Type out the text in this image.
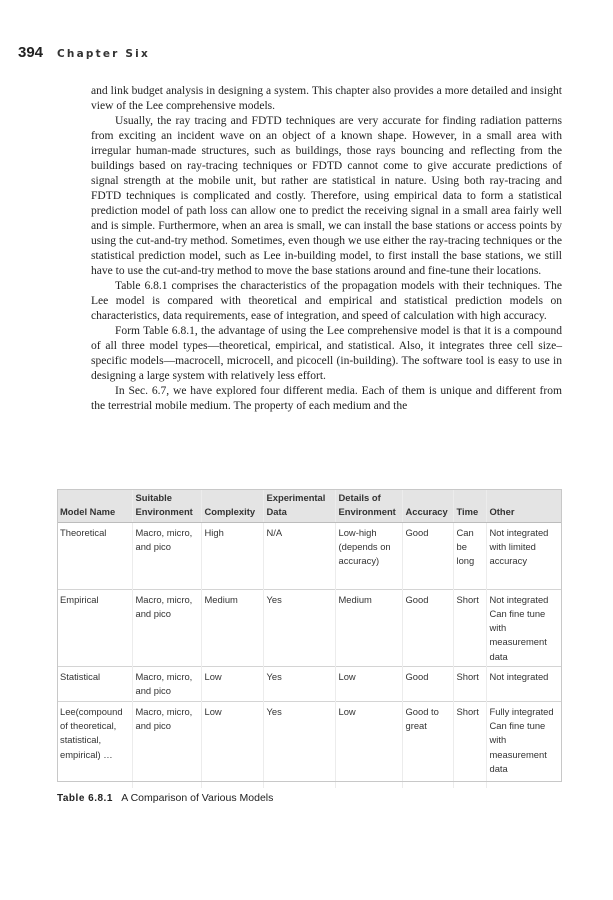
394 Chapter Six

and link budget analysis in designing a system. This chapter also provides a more detailed and insight view of the Lee comprehensive models.

Usually, the ray tracing and FDTD techniques are very accurate for finding radiation patterns from exciting an incident wave on an object of a known shape. However, in a small area with irregular human-made structures, such as buildings, those rays bouncing and reflecting from the buildings based on ray-tracing techniques or FDTD cannot come to give accurate predictions of signal strength at the mobile unit, but rather are statistical in nature. Using both ray-tracing and FDTD techniques is complicated and costly. Therefore, using empirical data to form a statistical prediction model of path loss can allow one to predict the receiving signal in a small area fairly well and is simple. Furthermore, when an area is small, we can install the base stations or access points by using the cut-and-try method. Sometimes, even though we use either the ray-tracing techniques or the statistical prediction model, such as Lee in-building model, to first install the base stations, we still have to use the cut-and-try method to move the base stations around and fine-tune their locations.

Table 6.8.1 comprises the characteristics of the propagation models with their techniques. The Lee model is compared with theoretical and empirical and statistical prediction models on characteristics, data requirements, ease of integration, and speed of calculation with high accuracy.

Form Table 6.8.1, the advantage of using the Lee comprehensive model is that it is a compound of all three model types—theoretical, empirical, and statistical. Also, it integrates three cell size–specific models—macrocell, microcell, and picocell (in-building). The software tool is easy to use in designing a large system with relatively less effort.

In Sec. 6.7, we have explored four different media. Each of them is unique and different from the terrestrial mobile medium. The property of each medium and the

Model Name	Suitable Environment	Complexity	Experimental Data	Details of Environment	Accuracy	Time	Other
Theoretical	Macro, micro, and pico	High	N/A	Low-high (depends on accuracy)	Good	Can be long	Not integrated with limited accuracy
Empirical	Macro, micro, and pico	Medium	Yes	Medium	Good	Short	Not integrated Can fine tune with measurement data
Statistical	Macro, micro, and pico	Low	Yes	Low	Good	Short	Not integrated
Lee(compound of theoretical, statistical, empirical) …	Macro, micro, and pico	Low	Yes	Low	Good to great	Short	Fully integrated Can fine tune with measurement data
Table 6.8.1 A Comparison of Various Models
